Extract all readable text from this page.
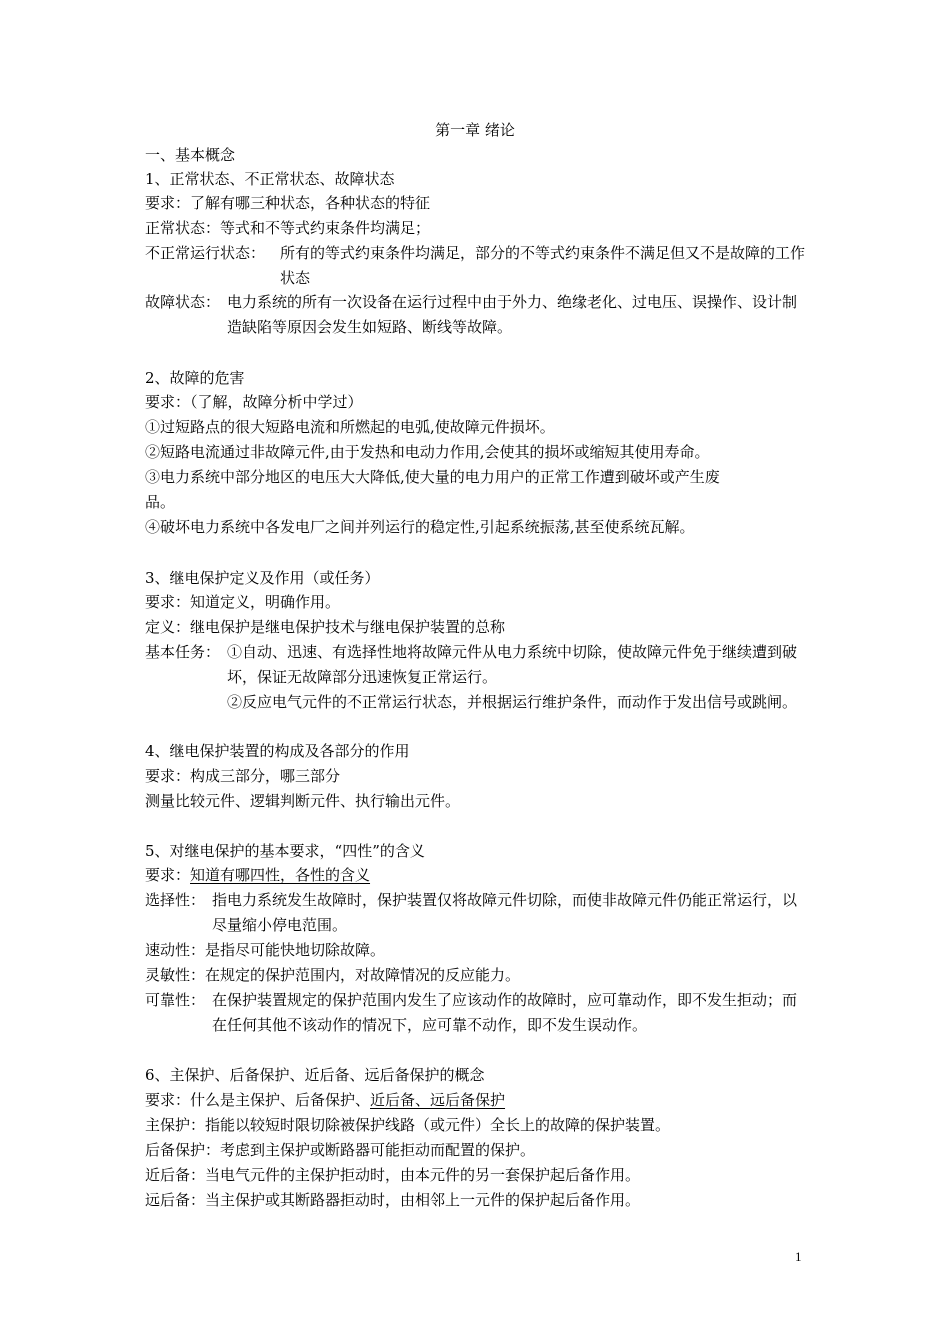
第一章 绪论
一、基本概念
1、正常状态、不正常状态、故障状态
要求：了解有哪三种状态，各种状态的特征
正常状态：等式和不等式约束条件均满足；
不正常运行状态： 所有的等式约束条件均满足，部分的不等式约束条件不满足但又不是故障的工作状态
故障状态： 电力系统的所有一次设备在运行过程中由于外力、绝缘老化、过电压、误操作、设计制造缺陷等原因会发生如短路、断线等故障。
2、故障的危害
要求：（了解，故障分析中学过）
①过短路点的很大短路电流和所燃起的电弧,使故障元件损坏。
②短路电流通过非故障元件,由于发热和电动力作用,会使其的损坏或缩短其使用寿命。
③电力系统中部分地区的电压大大降低,使大量的电力用户的正常工作遭到破坏或产生废
品。
④破坏电力系统中各发电厂之间并列运行的稳定性,引起系统振荡,甚至使系统瓦解。
3、继电保护定义及作用（或任务）
要求：知道定义，明确作用。
定义：继电保护是继电保护技术与继电保护装置的总称
基本任务： ①自动、迅速、有选择性地将故障元件从电力系统中切除，使故障元件免于继续遭到破坏，保证无故障部分迅速恢复正常运行。
②反应电气元件的不正常运行状态，并根据运行维护条件，而动作于发出信号或跳闸。
4、继电保护装置的构成及各部分的作用
要求：构成三部分，哪三部分
测量比较元件、逻辑判断元件、执行输出元件。
5、对继电保护的基本要求，“四性”的含义
要求：知道有哪四性，各性的含义
选择性： 指电力系统发生故障时，保护装置仅将故障元件切除，而使非故障元件仍能正常运行，以尽量缩小停电范围。
速动性：是指尽可能快地切除故障。
灵敏性：在规定的保护范围内，对故障情况的反应能力。
可靠性： 在保护装置规定的保护范围内发生了应该动作的故障时，应可靠动作，即不发生拒动；而在任何其他不该动作的情况下，应可靠不动作，即不发生误动作。
6、主保护、后备保护、近后备、远后备保护的概念
要求：什么是主保护、后备保护、近后备、远后备保护
主保护：指能以较短时限切除被保护线路（或元件）全长上的故障的保护装置。
后备保护：考虑到主保护或断路器可能拒动而配置的保护。
近后备：当电气元件的主保护拒动时，由本元件的另一套保护起后备作用。
远后备：当主保护或其断路器拒动时，由相邻上一元件的保护起后备作用。
1
